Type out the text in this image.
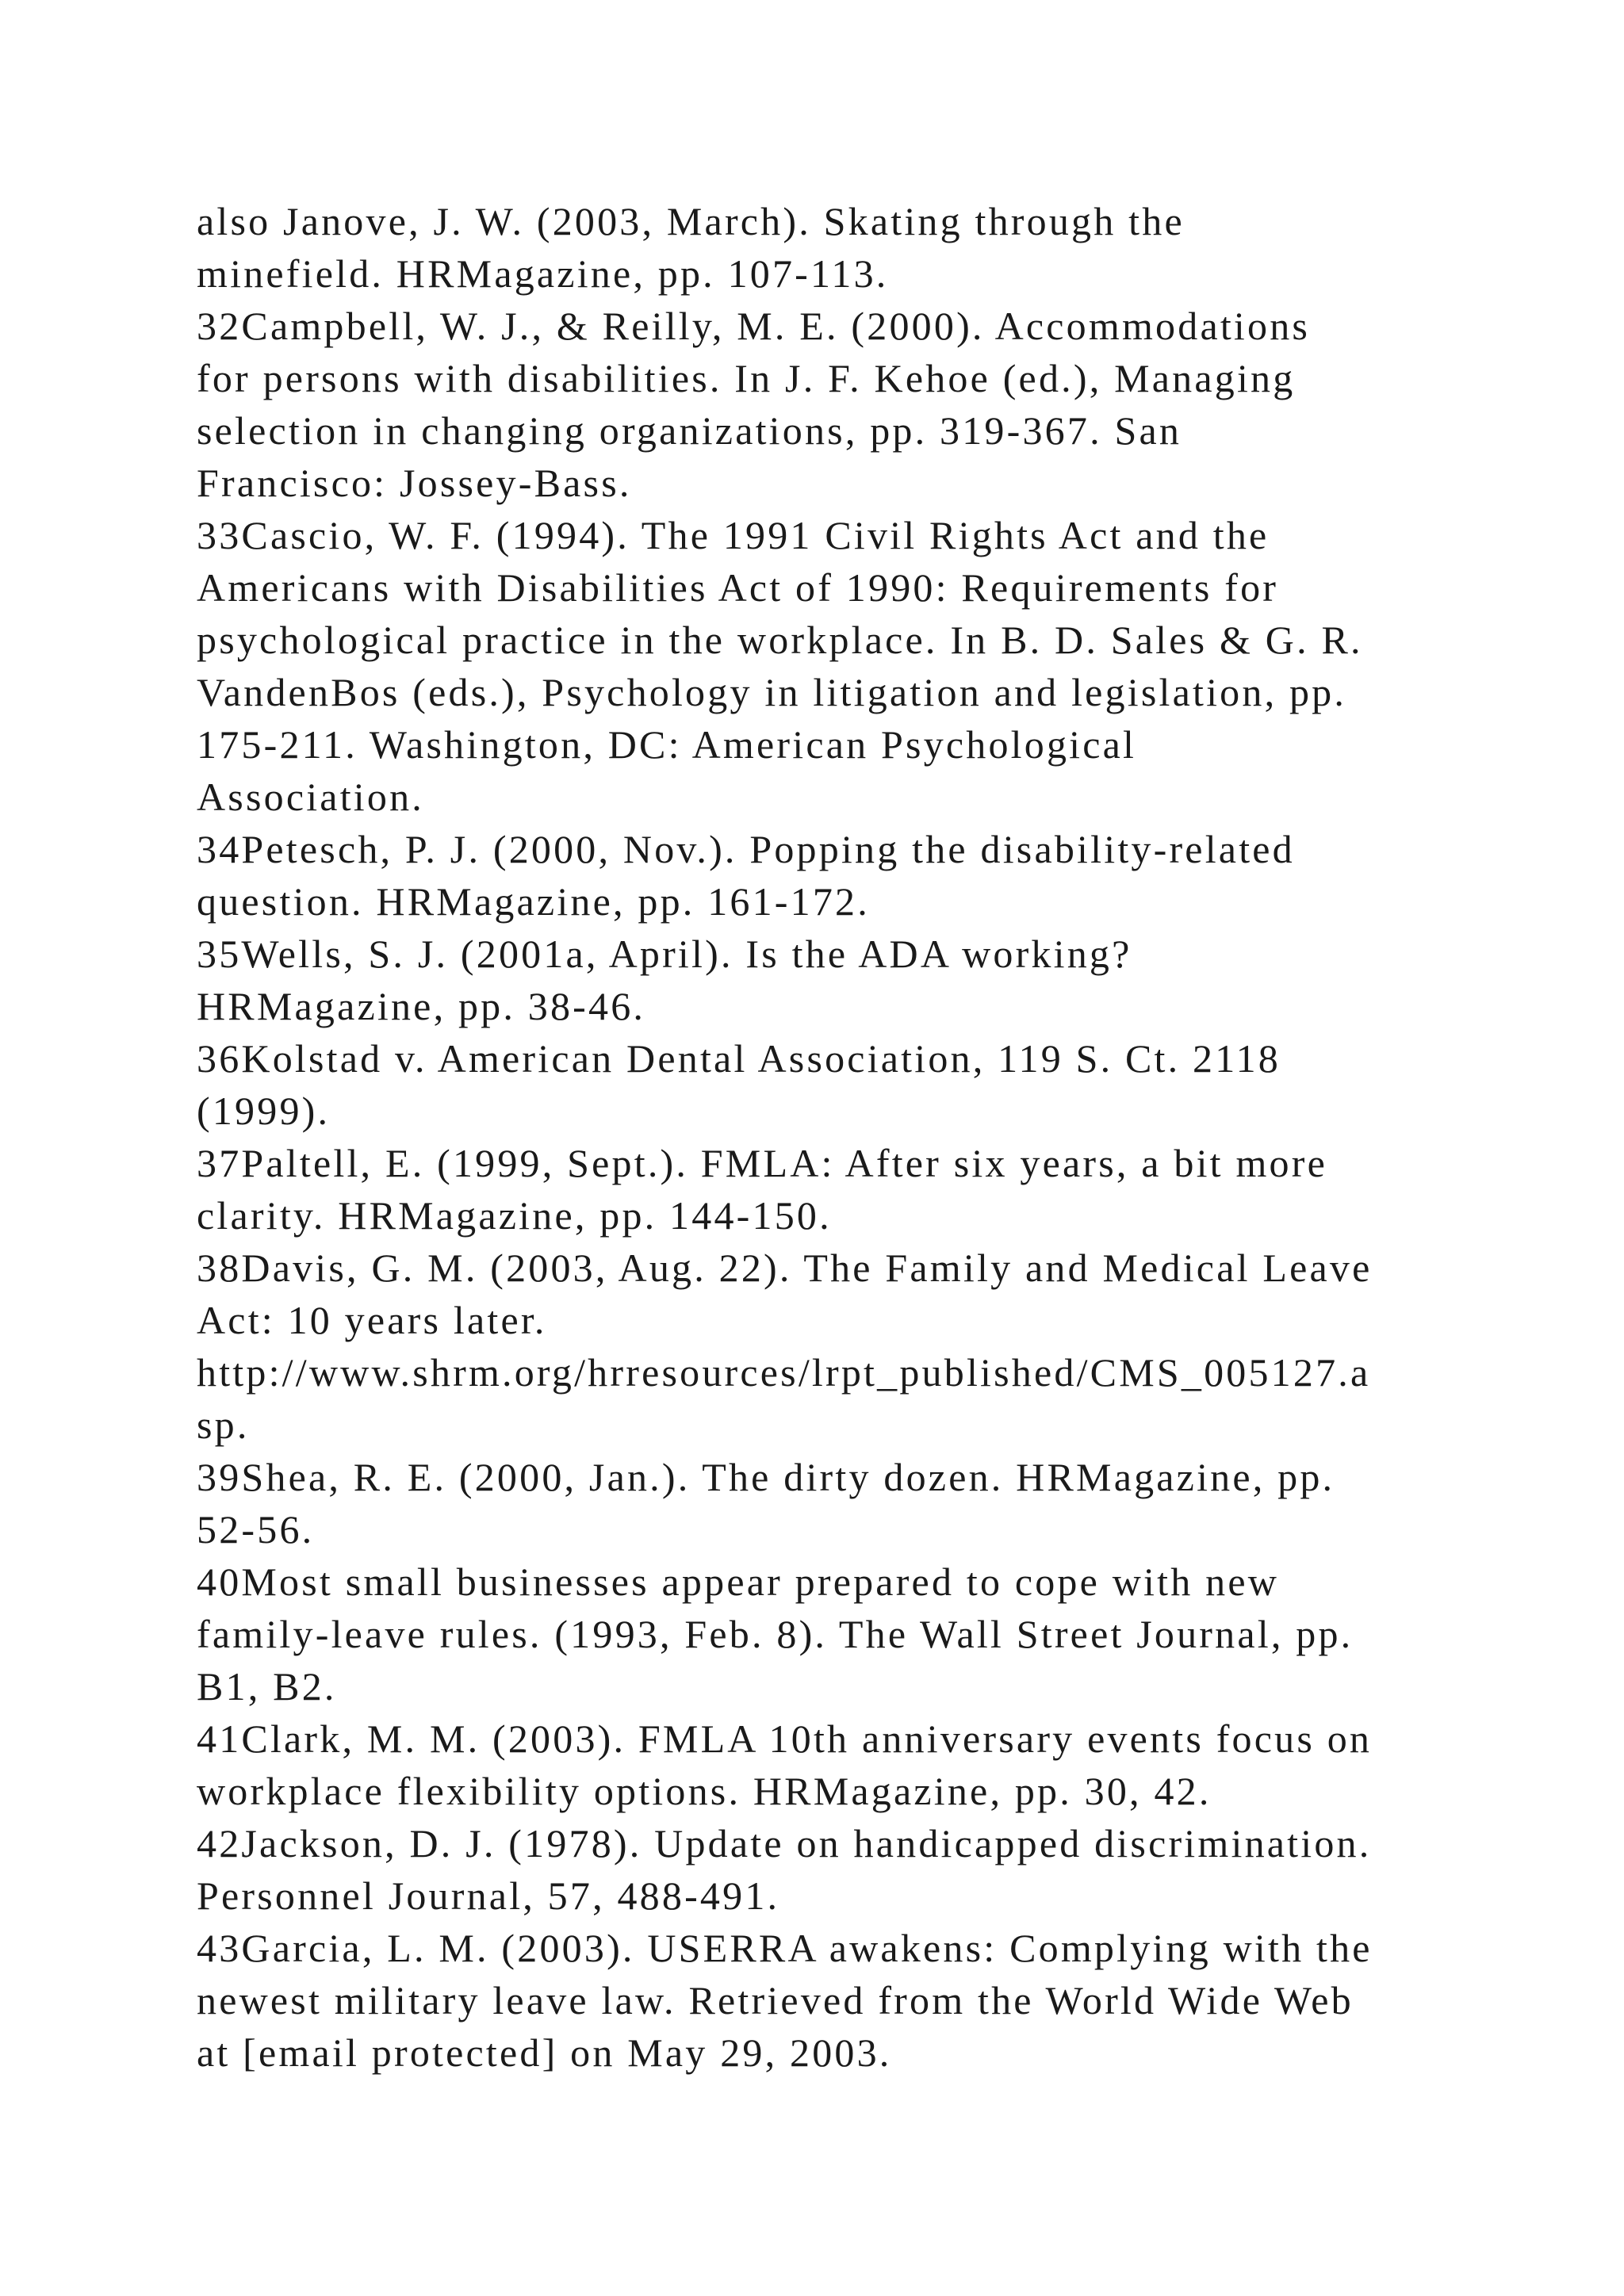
also Janove, J. W. (2003, March). Skating through the
minefield. HRMagazine, pp. 107-113.
32Campbell, W. J., & Reilly, M. E. (2000). Accommodations
for persons with disabilities. In J. F. Kehoe (ed.), Managing
selection in changing organizations, pp. 319-367. San
Francisco: Jossey-Bass.
33Cascio, W. F. (1994). The 1991 Civil Rights Act and the
Americans with Disabilities Act of 1990: Requirements for
psychological practice in the workplace. In B. D. Sales & G. R.
VandenBos (eds.), Psychology in litigation and legislation, pp.
175-211. Washington, DC: American Psychological
Association.
34Petesch, P. J. (2000, Nov.). Popping the disability-related
question. HRMagazine, pp. 161-172.
35Wells, S. J. (2001a, April). Is the ADA working?
HRMagazine, pp. 38-46.
36Kolstad v. American Dental Association, 119 S. Ct. 2118
(1999).
37Paltell, E. (1999, Sept.). FMLA: After six years, a bit more
clarity. HRMagazine, pp. 144-150.
38Davis, G. M. (2003, Aug. 22). The Family and Medical Leave
Act: 10 years later.
http://www.shrm.org/hrresources/lrpt_published/CMS_005127.a
sp.
39Shea, R. E. (2000, Jan.). The dirty dozen. HRMagazine, pp.
52-56.
40Most small businesses appear prepared to cope with new
family-leave rules. (1993, Feb. 8). The Wall Street Journal, pp.
B1, B2.
41Clark, M. M. (2003). FMLA 10th anniversary events focus on
workplace flexibility options. HRMagazine, pp. 30, 42.
42Jackson, D. J. (1978). Update on handicapped discrimination.
Personnel Journal, 57, 488-491.
43Garcia, L. M. (2003). USERRA awakens: Complying with the
newest military leave law. Retrieved from the World Wide Web
at [email protected] on May 29, 2003.
